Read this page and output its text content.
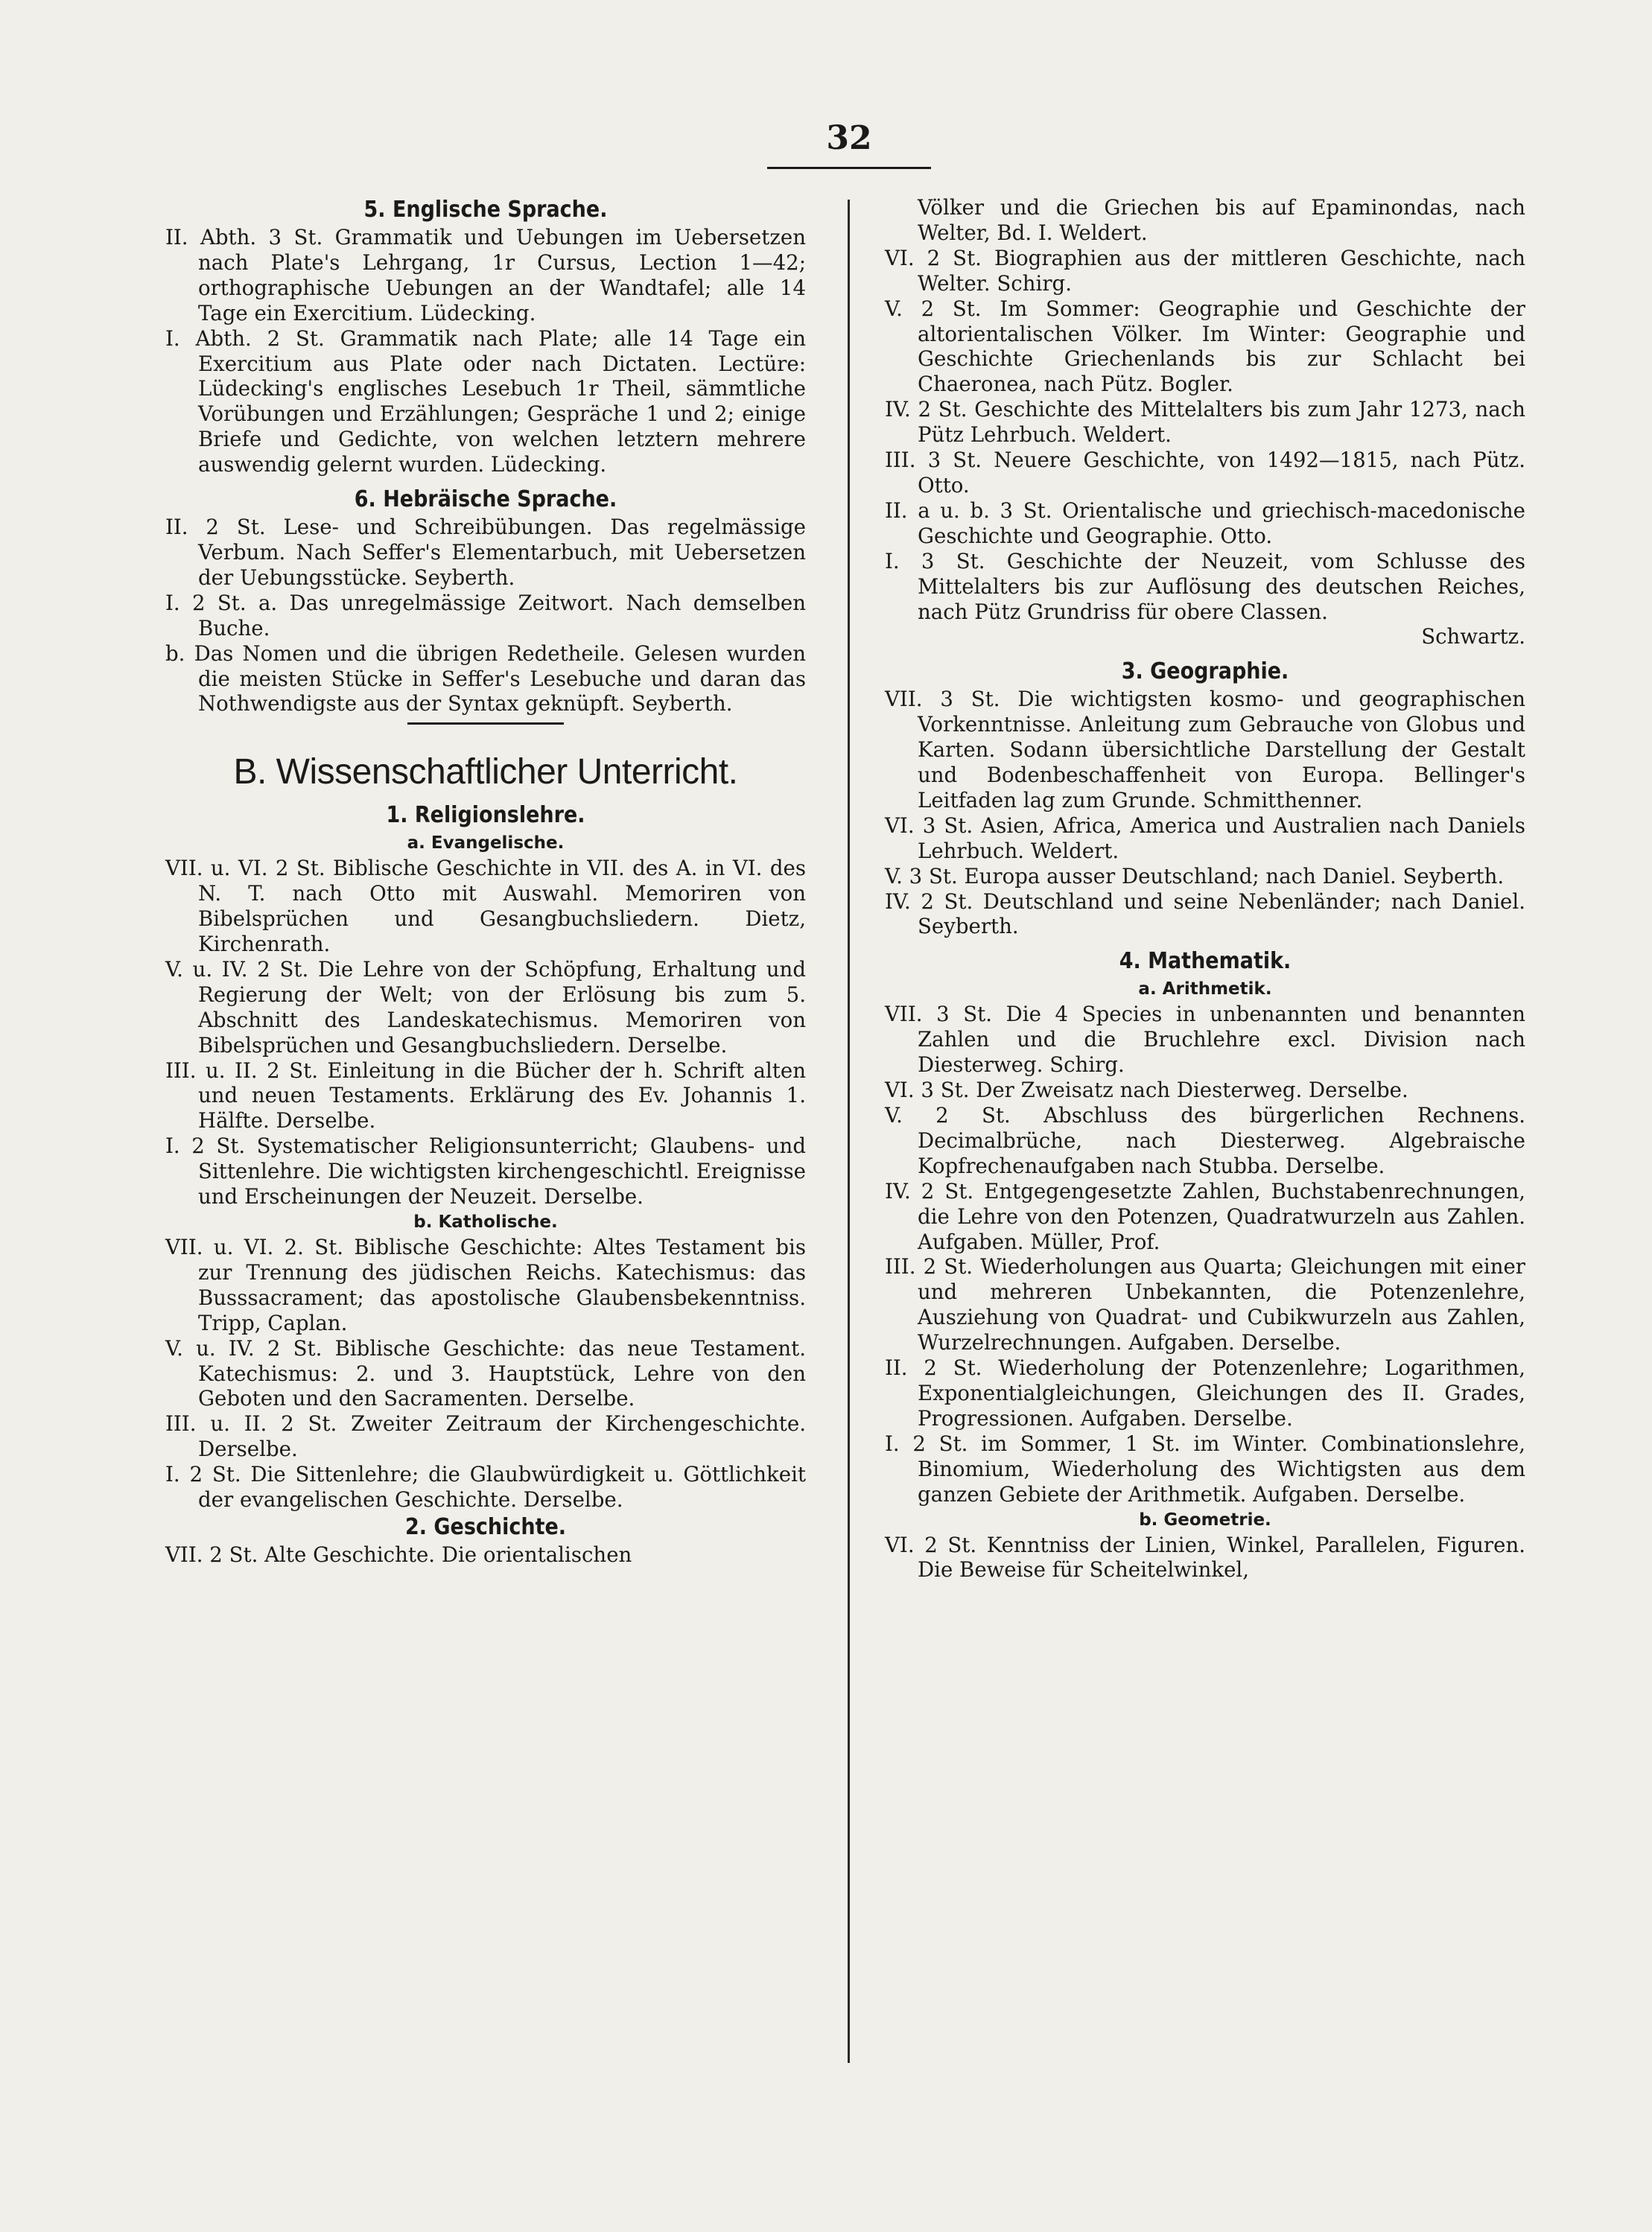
32
5. Englische Sprache.

II. Abth. 3 St. Grammatik und Uebungen im Uebersetzen nach Plate's Lehrgang, 1r Cursus, Lection 1—42; orthographische Uebungen an der Wandtafel; alle 14 Tage ein Exercitium. Lüdecking.

I. Abth. 2 St. Grammatik nach Plate; alle 14 Tage ein Exercitium aus Plate oder nach Dictaten. Lectüre: Lüdecking's englisches Lesebuch 1r Theil, sämmtliche Vorübungen und Erzählungen; Gespräche 1 und 2; einige Briefe und Gedichte, von welchen letztern mehrere auswendig gelernt wurden. Lüdecking.

6. Hebräische Sprache.

II. 2 St. Lese- und Schreibübungen. Das regelmässige Verbum. Nach Seffer's Elementarbuch, mit Uebersetzen der Uebungsstücke. Seyberth.

I. 2 St. a. Das unregelmässige Zeitwort. Nach demselben Buche.

b. Das Nomen und die übrigen Redetheile. Gelesen wurden die meisten Stücke in Seffer's Lesebuche und daran das Nothwendigste aus der Syntax geknüpft. Seyberth.

B. Wissenschaftlicher Unterricht.
1. Religionslehre.
a. Evangelische.

VII. u. VI. 2 St. Biblische Geschichte in VII. des A. in VI. des N. T. nach Otto mit Auswahl. Memoriren von Bibelsprüchen und Gesangbuchsliedern. Dietz, Kirchenrath.

V. u. IV. 2 St. Die Lehre von der Schöpfung, Erhaltung und Regierung der Welt; von der Erlösung bis zum 5. Abschnitt des Landeskatechismus. Memoriren von Bibelsprüchen und Gesangbuchsliedern. Derselbe.

III. u. II. 2 St. Einleitung in die Bücher der h. Schrift alten und neuen Testaments. Erklärung des Ev. Johannis 1. Hälfte. Derselbe.

I. 2 St. Systematischer Religionsunterricht; Glaubens- und Sittenlehre. Die wichtigsten kirchengeschichtl. Ereignisse und Erscheinungen der Neuzeit. Derselbe.

b. Katholische.

VII. u. VI. 2. St. Biblische Geschichte: Altes Testament bis zur Trennung des jüdischen Reichs. Katechismus: das Busssacrament; das apostolische Glaubensbekenntniss. Tripp, Caplan.

V. u. IV. 2 St. Biblische Geschichte: das neue Testament. Katechismus: 2. und 3. Hauptstück, Lehre von den Geboten und den Sacramenten. Derselbe.

III. u. II. 2 St. Zweiter Zeitraum der Kirchengeschichte. Derselbe.

I. 2 St. Die Sittenlehre; die Glaubwürdigkeit u. Göttlichkeit der evangelischen Geschichte. Derselbe.

2. Geschichte.

VII. 2 St. Alte Geschichte. Die orientalischen

Völker und die Griechen bis auf Epaminondas, nach Welter, Bd. I. Weldert.

VI. 2 St. Biographien aus der mittleren Geschichte, nach Welter. Schirg.

V. 2 St. Im Sommer: Geographie und Geschichte der altorientalischen Völker. Im Winter: Geographie und Geschichte Griechenlands bis zur Schlacht bei Chaeronea, nach Pütz. Bogler.

IV. 2 St. Geschichte des Mittelalters bis zum Jahr 1273, nach Pütz Lehrbuch. Weldert.

III. 3 St. Neuere Geschichte, von 1492—1815, nach Pütz. Otto.

II. a u. b. 3 St. Orientalische und griechisch-macedonische Geschichte und Geographie. Otto.

I. 3 St. Geschichte der Neuzeit, vom Schlusse des Mittelalters bis zur Auflösung des deutschen Reiches, nach Pütz Grundriss für obere Classen.

Schwartz.

3. Geographie.

VII. 3 St. Die wichtigsten kosmo- und geographischen Vorkenntnisse. Anleitung zum Gebrauche von Globus und Karten. Sodann übersichtliche Darstellung der Gestalt und Bodenbeschaffenheit von Europa. Bellinger's Leitfaden lag zum Grunde. Schmitthenner.

VI. 3 St. Asien, Africa, America und Australien nach Daniels Lehrbuch. Weldert.

V. 3 St. Europa ausser Deutschland; nach Daniel. Seyberth.

IV. 2 St. Deutschland und seine Nebenländer; nach Daniel. Seyberth.

4. Mathematik.
a. Arithmetik.

VII. 3 St. Die 4 Species in unbenannten und benannten Zahlen und die Bruchlehre excl. Division nach Diesterweg. Schirg.

VI. 3 St. Der Zweisatz nach Diesterweg. Derselbe.

V. 2 St. Abschluss des bürgerlichen Rechnens. Decimalbrüche, nach Diesterweg. Algebraische Kopfrechenaufgaben nach Stubba. Derselbe.

IV. 2 St. Entgegengesetzte Zahlen, Buchstabenrechnungen, die Lehre von den Potenzen, Quadratwurzeln aus Zahlen. Aufgaben. Müller, Prof.

III. 2 St. Wiederholungen aus Quarta; Gleichungen mit einer und mehreren Unbekannten, die Potenzenlehre, Ausziehung von Quadrat- und Cubikwurzeln aus Zahlen, Wurzelrechnungen. Aufgaben. Derselbe.

II. 2 St. Wiederholung der Potenzenlehre; Logarithmen, Exponentialgleichungen, Gleichungen des II. Grades, Progressionen. Aufgaben. Derselbe.

I. 2 St. im Sommer, 1 St. im Winter. Combinationslehre, Binomium, Wiederholung des Wichtigsten aus dem ganzen Gebiete der Arithmetik. Aufgaben. Derselbe.

b. Geometrie.

VI. 2 St. Kenntniss der Linien, Winkel, Parallelen, Figuren. Die Beweise für Scheitelwinkel,
